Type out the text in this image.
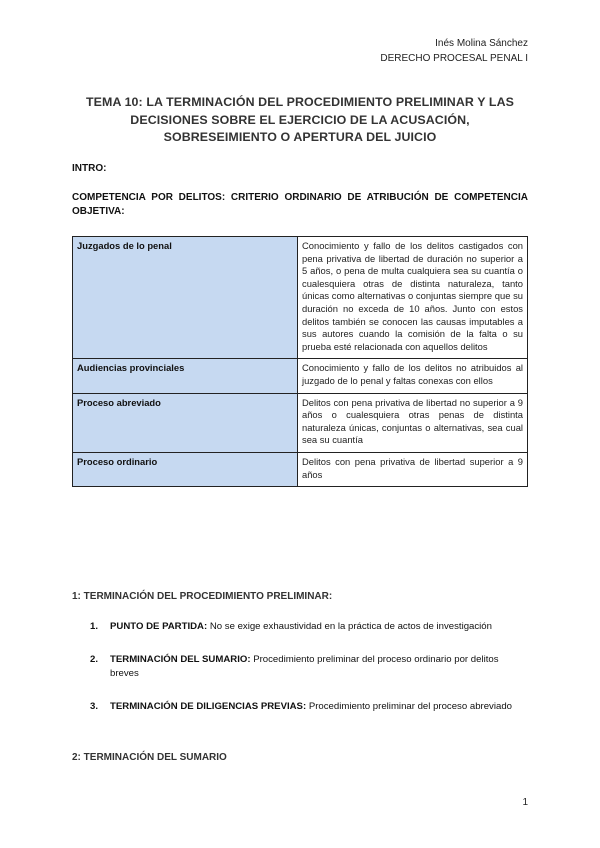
Inés Molina Sánchez
DERECHO PROCESAL PENAL I
TEMA 10: LA TERMINACIÓN DEL PROCEDIMIENTO PRELIMINAR Y LAS
DECISIONES SOBRE EL EJERCICIO DE LA ACUSACIÓN,
SOBRESEIMIENTO O APERTURA DEL JUICIO
INTRO:
COMPETENCIA POR DELITOS: CRITERIO ORDINARIO DE ATRIBUCIÓN DE COMPETENCIA OBJETIVA:
Juzgados de lo penal	Conocimiento y fallo de los delitos castigados con pena privativa de libertad de duración no superior a 5 años, o pena de multa cualquiera sea su cuantía o cualesquiera otras de distinta naturaleza, tanto únicas como alternativas o conjuntas siempre que su duración no exceda de 10 años. Junto con estos delitos también se conocen las causas imputables a sus autores cuando la comisión de la falta o su prueba esté relacionada con aquellos delitos
Audiencias provinciales	Conocimiento y fallo de los delitos no atribuidos al juzgado de lo penal y faltas conexas con ellos
Proceso abreviado	Delitos con pena privativa de libertad no superior a 9 años o cualesquiera otras penas de distinta naturaleza únicas, conjuntas o alternativas, sea cual sea su cuantía
Proceso ordinario	Delitos con pena privativa de libertad superior a 9 años
1: TERMINACIÓN DEL PROCEDIMIENTO PRELIMINAR:
1. PUNTO DE PARTIDA: No se exige exhaustividad en la práctica de actos de investigación
2. TERMINACIÓN DEL SUMARIO: Procedimiento preliminar del proceso ordinario por delitos breves
3. TERMINACIÓN DE DILIGENCIAS PREVIAS: Procedimiento preliminar del proceso abreviado
2: TERMINACIÓN DEL SUMARIO
1
